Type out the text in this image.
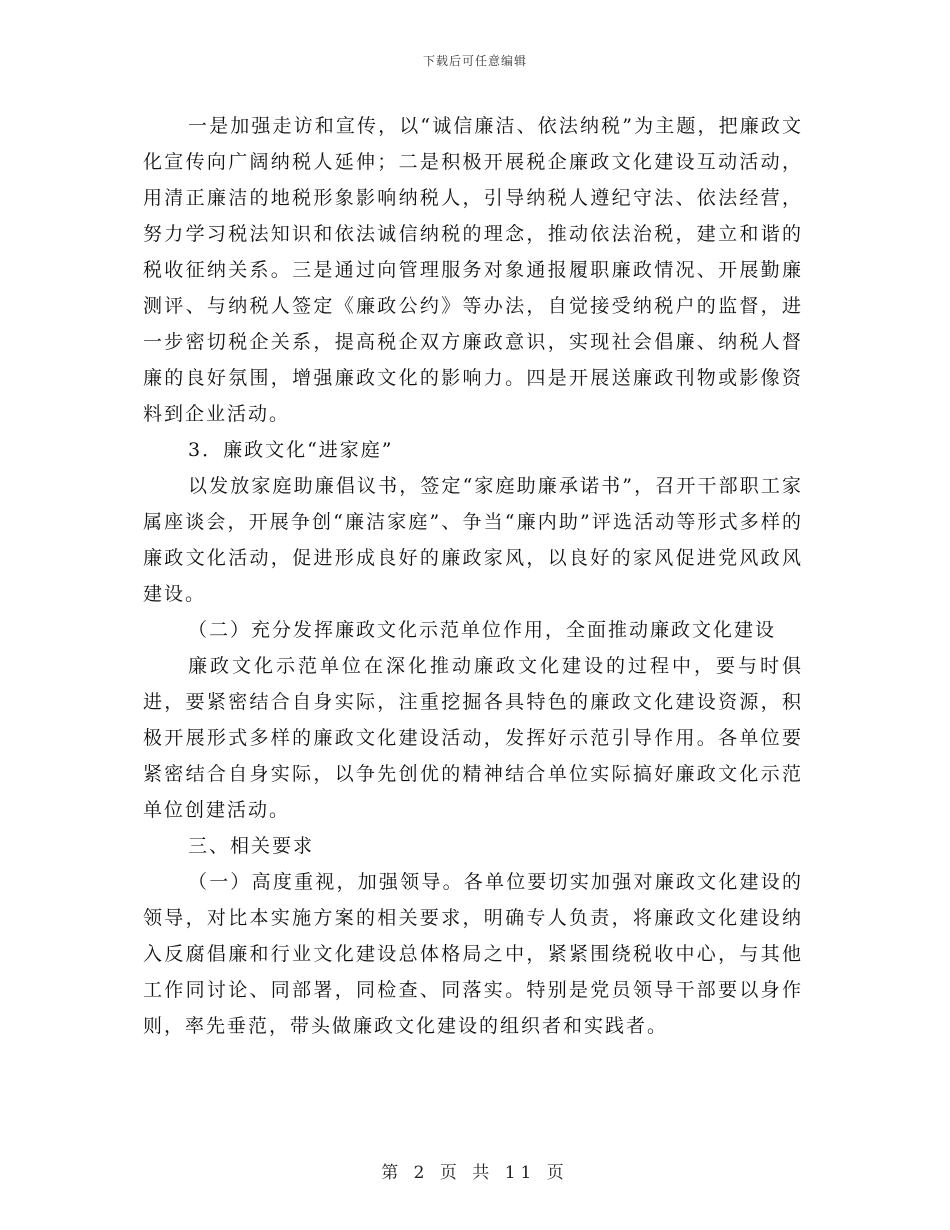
下载后可任意编辑

一是加强走访和宣传，以“诚信廉洁、依法纳税”为主题，把廉政文化宣传向广阔纳税人延伸；二是积极开展税企廉政文化建设互动活动，用清正廉洁的地税形象影响纳税人，引导纳税人遵纪守法、依法经营，努力学习税法知识和依法诚信纳税的理念，推动依法治税，建立和谐的税收征纳关系。三是通过向管理服务对象通报履职廉政情况、开展勤廉测评、与纳税人签定《廉政公约》等办法，自觉接受纳税户的监督，进一步密切税企关系，提高税企双方廉政意识，实现社会倡廉、纳税人督廉的良好氛围，增强廉政文化的影响力。四是开展送廉政刊物或影像资料到企业活动。

3．廉政文化“进家庭”

以发放家庭助廉倡议书，签定“家庭助廉承诺书”，召开干部职工家属座谈会，开展争创“廉洁家庭”、争当“廉内助”评选活动等形式多样的廉政文化活动，促进形成良好的廉政家风，以良好的家风促进党风政风建设。

（二）充分发挥廉政文化示范单位作用，全面推动廉政文化建设

廉政文化示范单位在深化推动廉政文化建设的过程中，要与时俱进，要紧密结合自身实际，注重挖掘各具特色的廉政文化建设资源，积极开展形式多样的廉政文化建设活动，发挥好示范引导作用。各单位要紧密结合自身实际，以争先创优的精神结合单位实际搞好廉政文化示范单位创建活动。

三、相关要求

（一）高度重视，加强领导。各单位要切实加强对廉政文化建设的领导，对比本实施方案的相关要求，明确专人负责，将廉政文化建设纳入反腐倡廉和行业文化建设总体格局之中，紧紧围绕税收中心，与其他工作同讨论、同部署，同检查、同落实。特别是党员领导干部要以身作则，率先垂范，带头做廉政文化建设的组织者和实践者。

第 2 页 共 11 页
